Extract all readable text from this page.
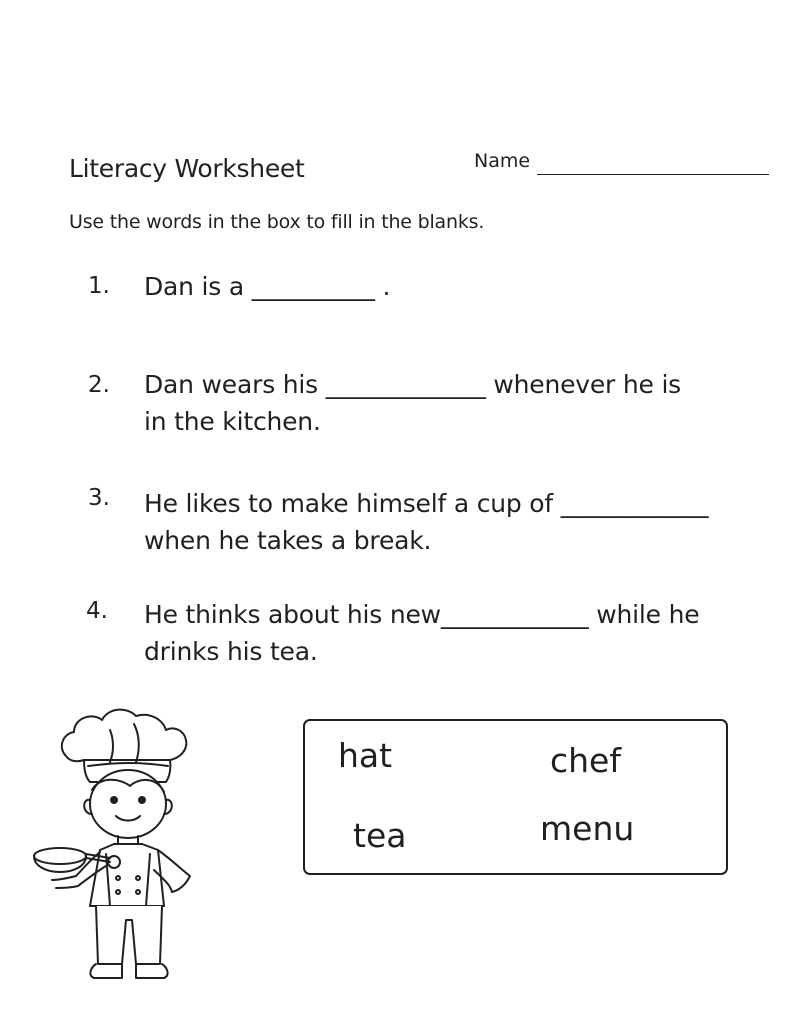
Literacy Worksheet	Name
Use the words in the box to fill in the blanks.
1. Dan is a __________ .
2. Dan wears his _____________ whenever he is
in the kitchen.
3. He likes to make himself a cup of ____________
when he takes a break.
4. He thinks about his new____________ while he
drinks his tea.
hat	chef
tea	menu
